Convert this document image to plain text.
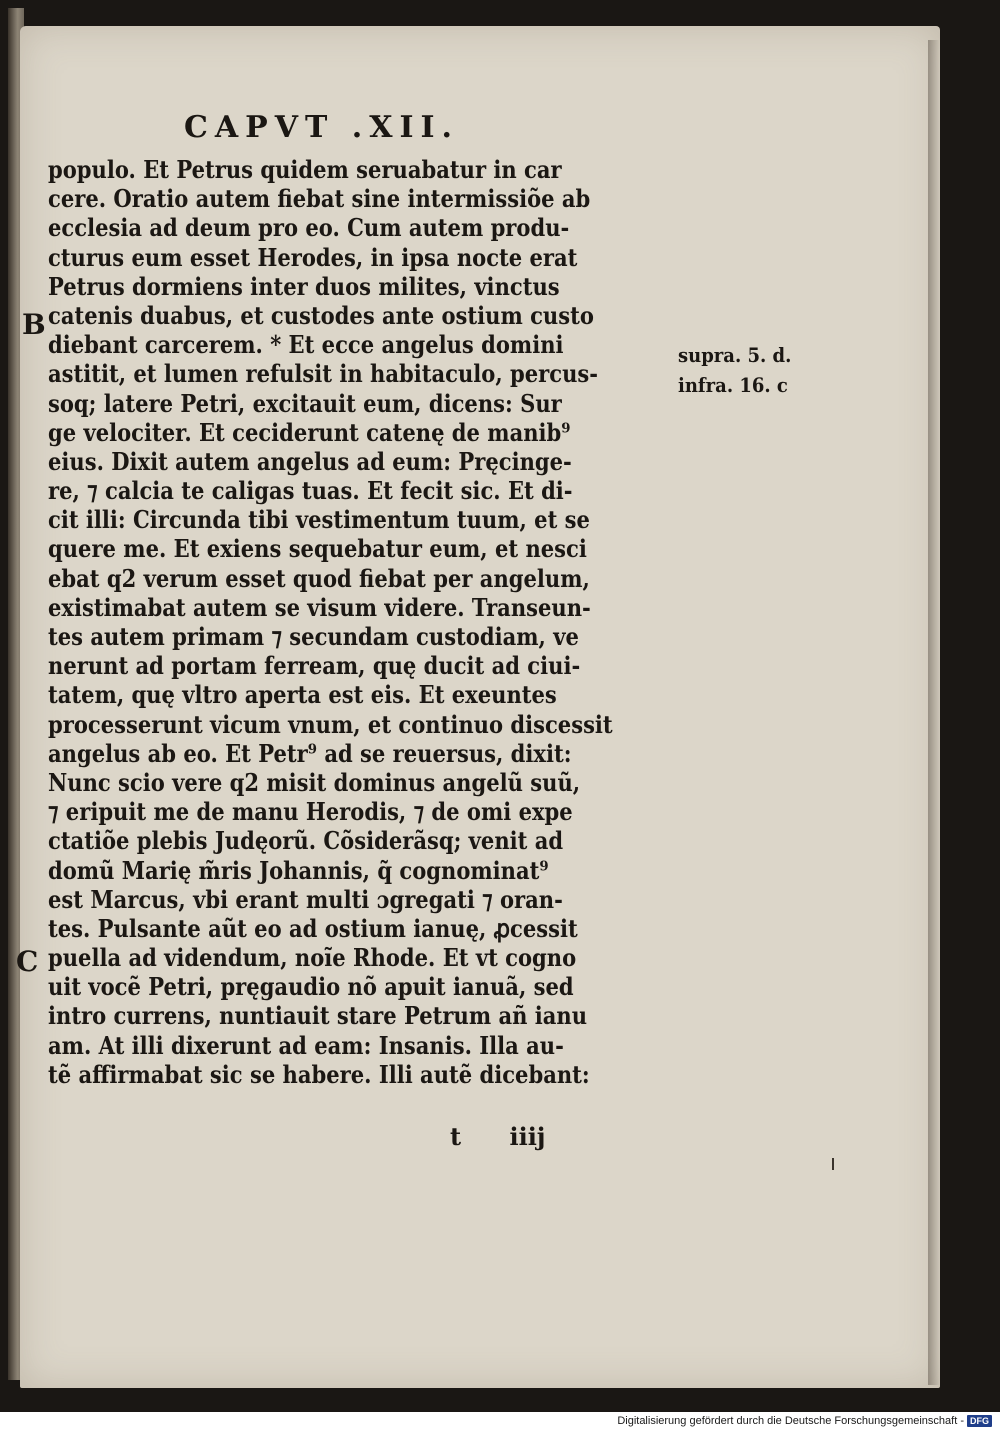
CAPVT .XII.
B
C
populo. Et Petrus quidem seruabatur in car
cere. Oratio autem fiebat sine intermissiõe ab
ecclesia ad deum pro eo. Cum autem produ-
cturus eum esset Herodes, in ipsa nocte erat
Petrus dormiens inter duos milites, vinctus
catenis duabus, et custodes ante ostium custo
diebant carcerem. * Et ecce angelus domini
astitit, et lumen refulsit in habitaculo, percus-
soq; latere Petri, excitauit eum, dicens: Sur
ge velociter. Et ceciderunt catenę de manib⁹
eius. Dixit autem angelus ad eum: Pręcinge-
re, ⁊ calcia te caligas tuas. Et fecit sic. Et di-
cit illi: Circunda tibi vestimentum tuum, et se
quere me. Et exiens sequebatur eum, et nesci
ebat q2 verum esset quod fiebat per angelum,
existimabat autem se visum videre. Transeun-
tes autem primam ⁊ secundam custodiam, ve
nerunt ad portam ferream, quę ducit ad ciui-
tatem, quę vltro aperta est eis. Et exeuntes
processerunt vicum vnum, et continuo discessit
angelus ab eo. Et Petr⁹ ad se reuersus, dixit:
Nunc scio vere q2 misit dominus angelũ suũ,
⁊ eripuit me de manu Herodis, ⁊ de omi expe
ctatiõe plebis Judęorũ. Cõsiderãsq; venit ad
domũ Marię m̃ris Johannis, q̃ cognominat⁹
est Marcus, vbi erant multi ɔgregati ⁊ oran-
tes. Pulsante aũt eo ad ostium ianuę, ꝓcessit
puella ad videndum, noĩe Rhode. Et vt cogno
uit vocẽ Petri, pręgaudio nõ apuit ianuã, sed
intro currens, nuntiauit stare Petrum añ ianu
am. At illi dixerunt ad eam: Insanis. Illa au-
tẽ affirmabat sic se habere. Illi autẽ dicebant:
supra. 5. d.
infra. 16. c
t iiij
Digitalisierung gefördert durch die Deutsche Forschungsgemeinschaft - DFG
